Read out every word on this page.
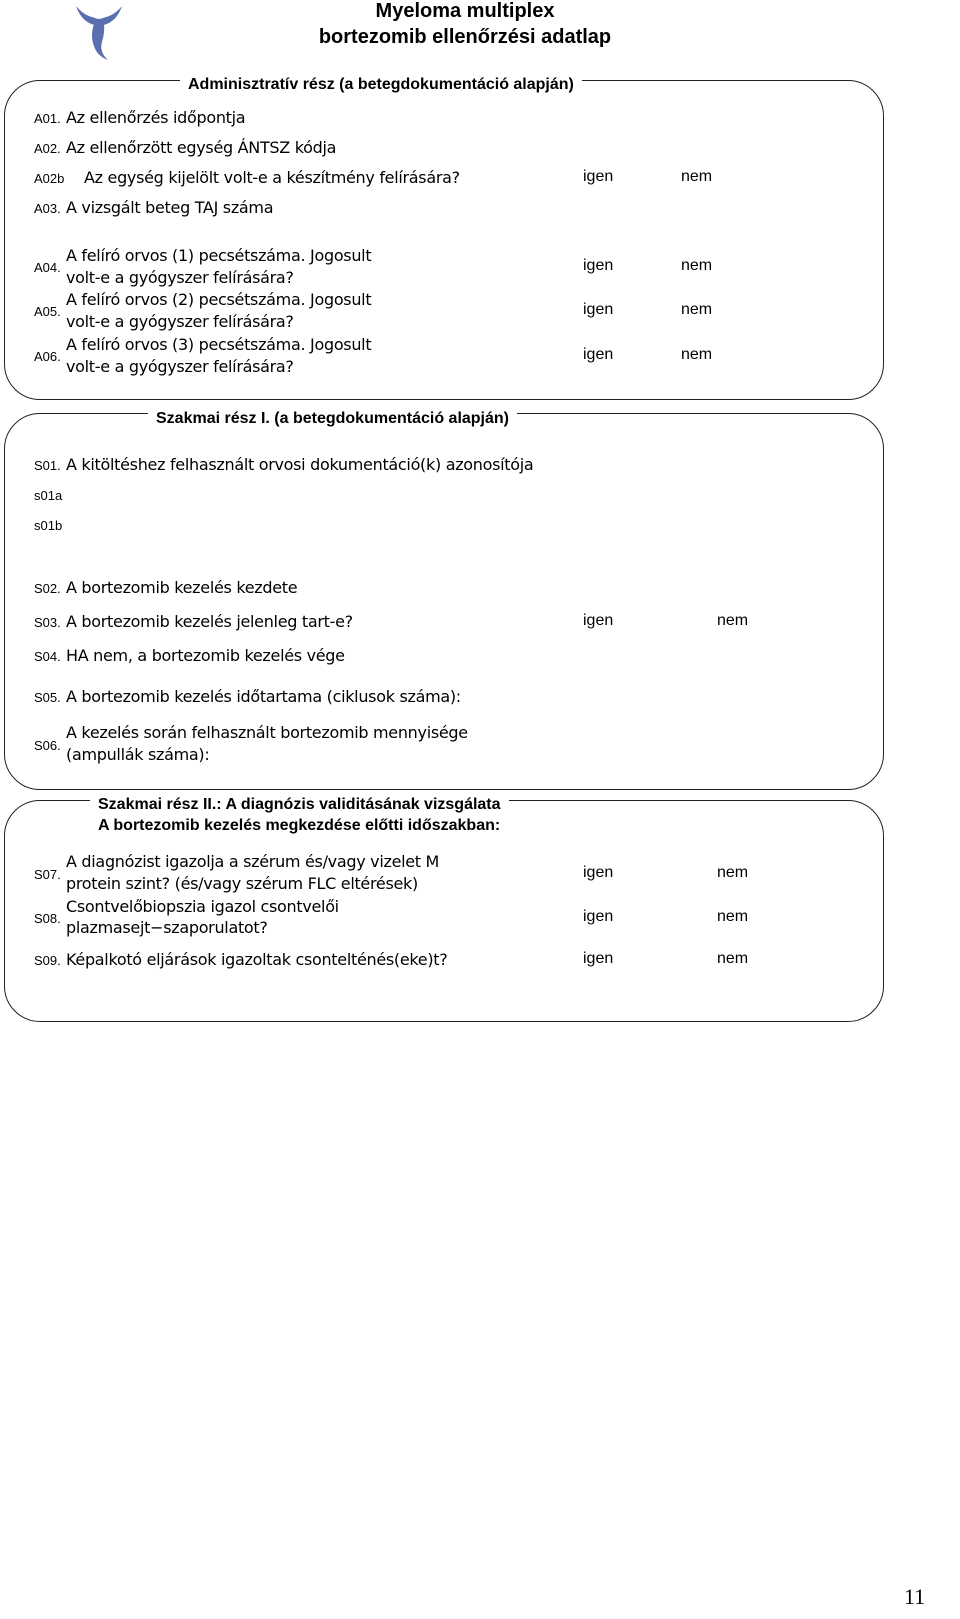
Myeloma multiplex
bortezomib ellenőrzési adatlap
Adminisztratív rész (a betegdokumentáció alapján)
A01. Az ellenőrzés időpontja
A02. Az ellenőrzött egység ÁNTSZ kódja
A02b Az egység kijelölt volt-e a készítmény felírására?	igen	nem
A03. A vizsgált beteg TAJ száma
A04.
A felíró orvos (1) pecsétszáma. Jogosult
volt-e a gyógyszer felírására?
igen	nem
A05.
A felíró orvos (2) pecsétszáma. Jogosult
volt-e a gyógyszer felírására?
igen	nem
A06.
A felíró orvos (3) pecsétszáma. Jogosult
volt-e a gyógyszer felírására?
igen	nem
Szakmai rész I. (a betegdokumentáció alapján)
S01. A kitöltéshez felhasznált orvosi dokumentáció(k) azonosítója
s01a
s01b
S02. A bortezomib kezelés kezdete
S03. A bortezomib kezelés jelenleg tart-e?	igen	nem
S04. HA nem, a bortezomib kezelés vége
S05. A bortezomib kezelés időtartama (ciklusok száma):
S06.
A kezelés során felhasznált bortezomib mennyisége
(ampullák száma):
Szakmai rész II.: A diagnózis validitásának vizsgálata
A bortezomib kezelés megkezdése előtti időszakban:
S07.
A diagnózist igazolja a szérum és/vagy vizelet M
protein szint? (és/vagy szérum FLC eltérések)
igen	nem
S08.
Csontvelőbiopszia igazol csontvelői
plazmasejt−szaporulatot?
igen	nem
S09. Képalkotó eljárások igazoltak csontelténés(eke)t?	igen	nem
11
